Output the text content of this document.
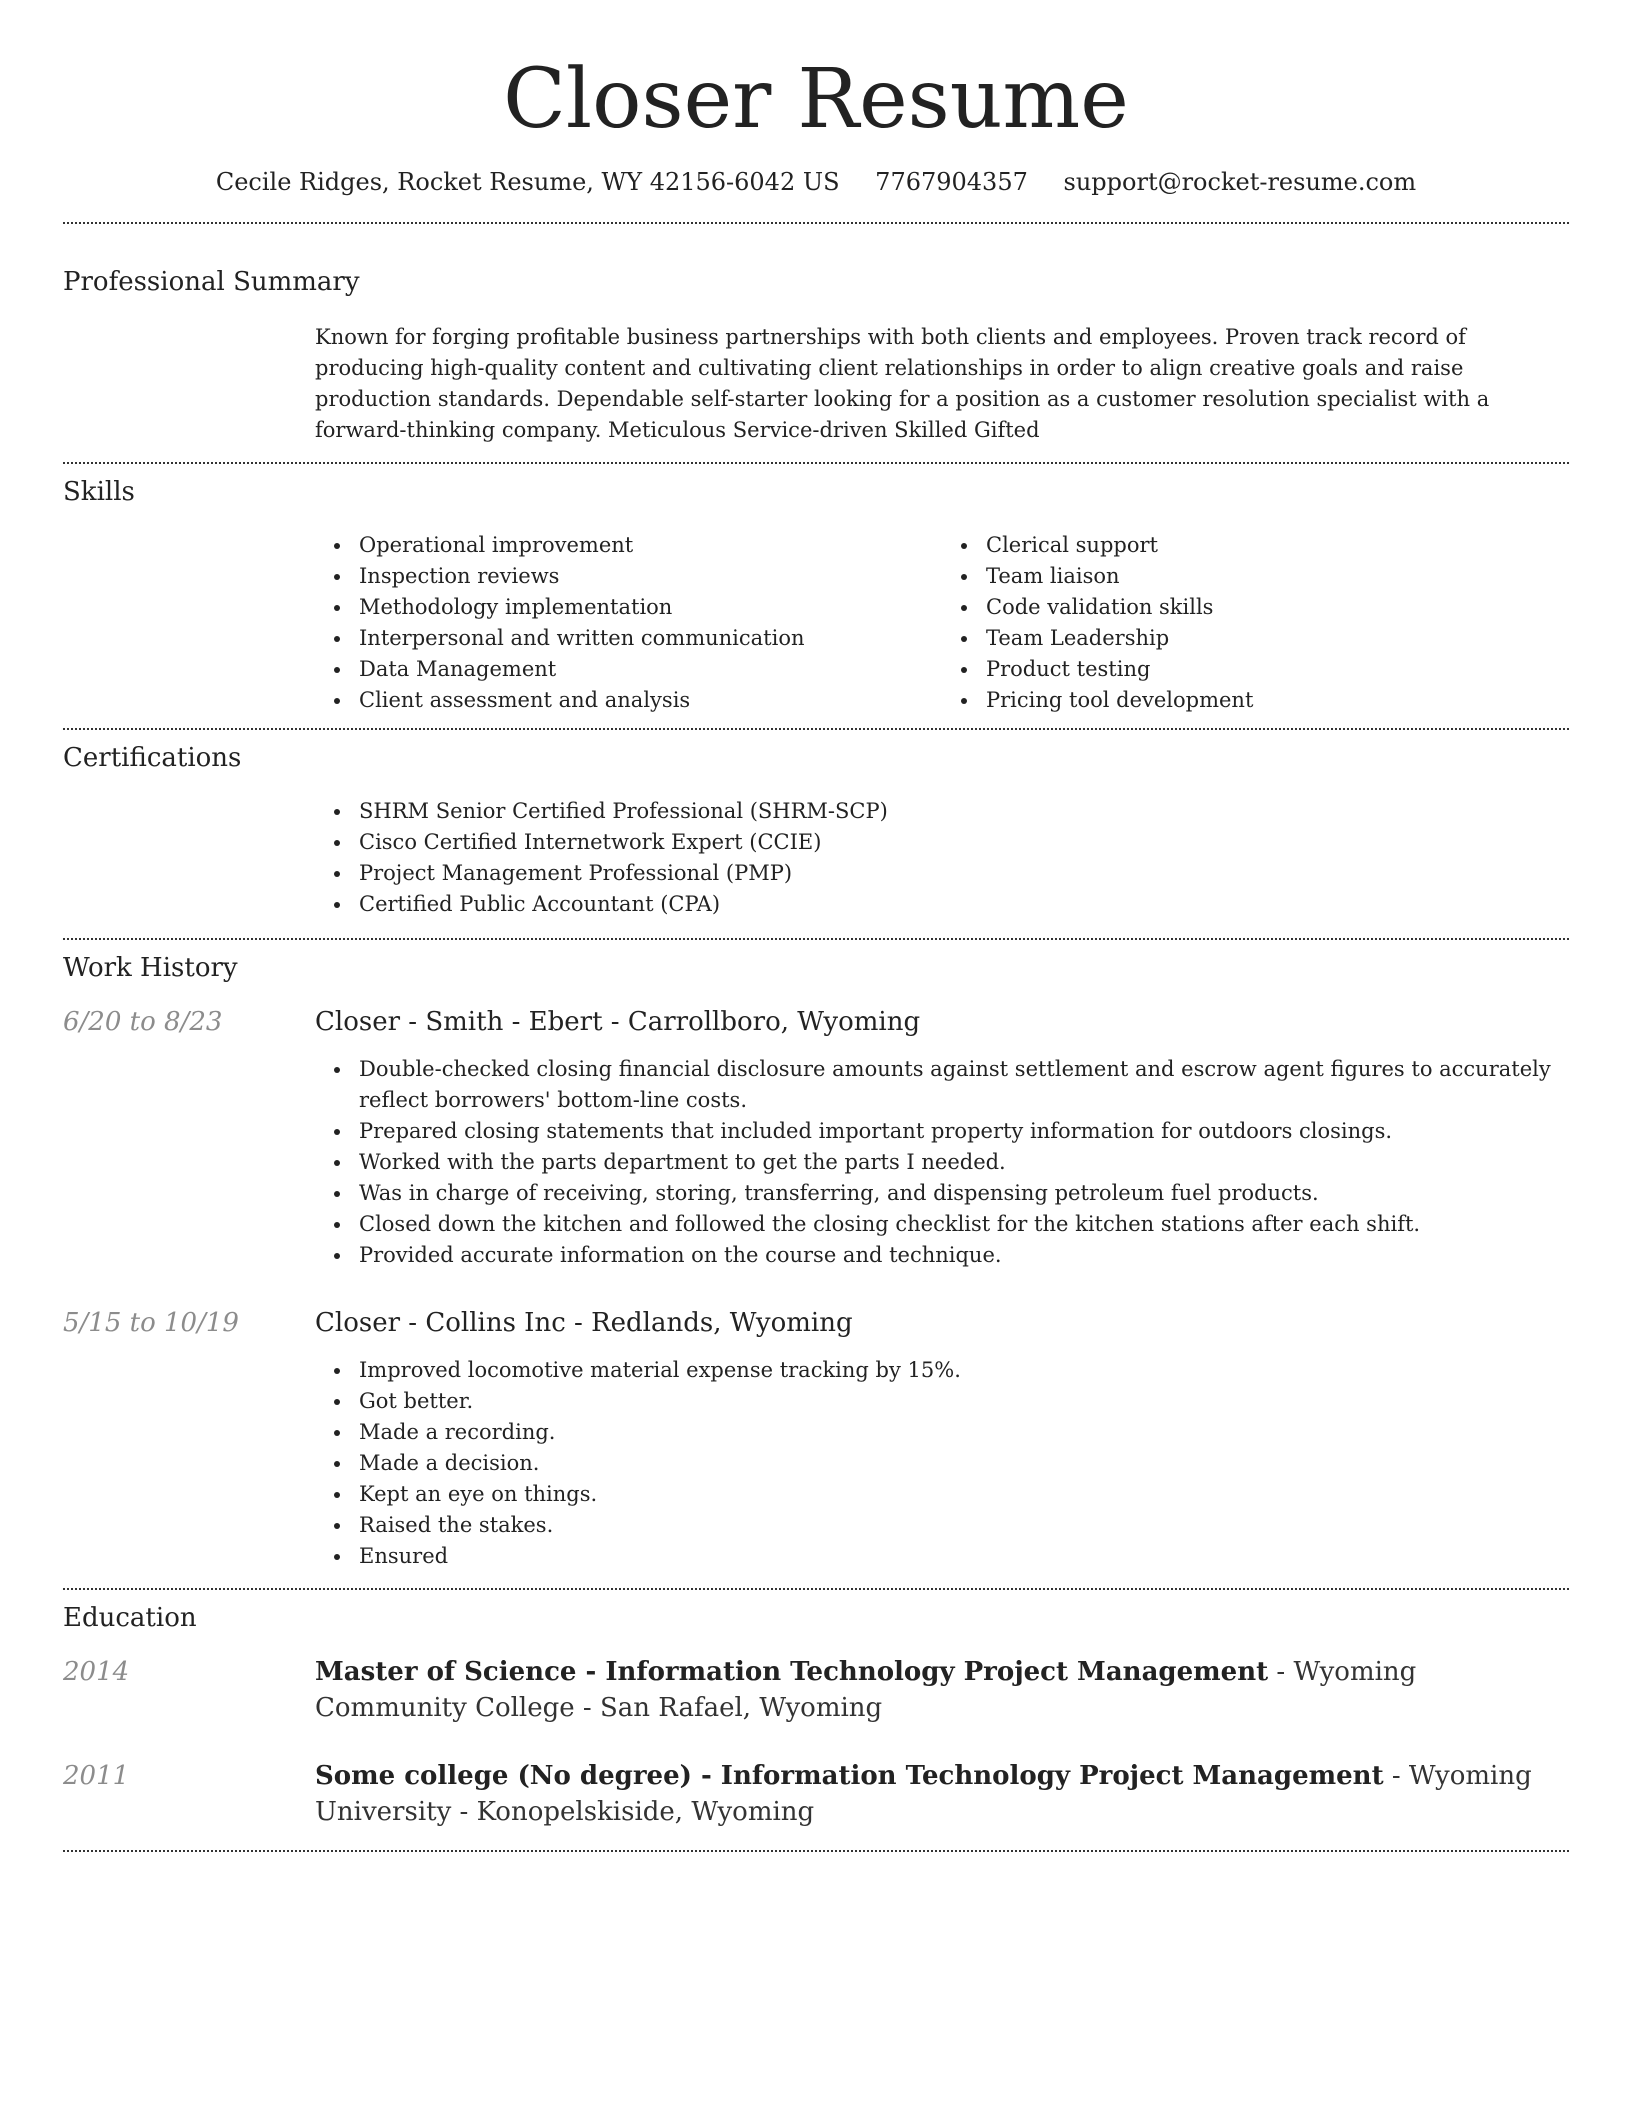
Closer Resume
Cecile Ridges, Rocket Resume, WY 42156-6042 US 7767904357 support@rocket-resume.com
Professional Summary

Known for forging profitable business partnerships with both clients and employees. Proven track record of producing high-quality content and cultivating client relationships in order to align creative goals and raise production standards. Dependable self-starter looking for a position as a customer resolution specialist with a forward-thinking company. Meticulous Service-driven Skilled Gifted

Skills
Operational improvement
Inspection reviews
Methodology implementation
Interpersonal and written communication
Data Management
Client assessment and analysis
Clerical support
Team liaison
Code validation skills
Team Leadership
Product testing
Pricing tool development
Certifications
SHRM Senior Certified Professional (SHRM-SCP)
Cisco Certified Internetwork Expert (CCIE)
Project Management Professional (PMP)
Certified Public Accountant (CPA)
Work History
6/20 to 8/23	Closer - Smith - Ebert - Carrollboro, Wyoming
Double-checked closing financial disclosure amounts against settlement and escrow agent figures to accurately reflect borrowers' bottom-line costs.
Prepared closing statements that included important property information for outdoors closings.
Worked with the parts department to get the parts I needed.
Was in charge of receiving, storing, transferring, and dispensing petroleum fuel products.
Closed down the kitchen and followed the closing checklist for the kitchen stations after each shift.
Provided accurate information on the course and technique.
5/15 to 10/19	Closer - Collins Inc - Redlands, Wyoming
Improved locomotive material expense tracking by 15%.
Got better.
Made a recording.
Made a decision.
Kept an eye on things.
Raised the stakes.
Ensured
Education
2014	Master of Science - Information Technology Project Management - Wyoming Community College - San Rafael, Wyoming
2011	Some college (No degree) - Information Technology Project Management - Wyoming University - Konopelskiside, Wyoming
